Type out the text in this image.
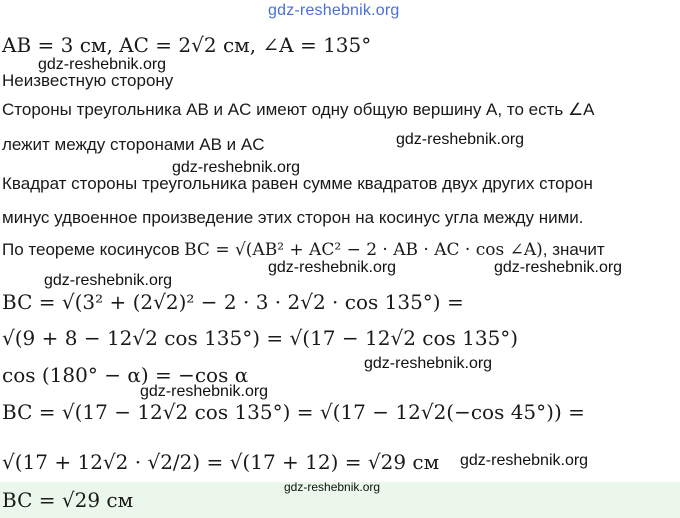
gdz-reshebnik.org
gdz-reshebnik.org
gdz-reshebnik.org
gdz-reshebnik.org
gdz-reshebnik.org
gdz-reshebnik.org	gdz-reshebnik.org
gdz-reshebnik.org
gdz-reshebnik.org
gdz-reshebnik.org
gdz-reshebnik.org
AB = 3 см, AC = 2√2 см, ∠A = 135°
Неизвестную сторону
Стороны треугольника AB и AC имеют одну общую вершину A, то есть ∠A
лежит между сторонами AB и AC
Квадрат стороны треугольника равен сумме квадратов двух других сторон
минус удвоенное произведение этих сторон на косинус угла между ними.
По теореме косинусов BC = √(AB² + AC² − 2 · AB · AC · cos ∠A), значит
BC = √(3² + (2√2)² − 2 · 3 · 2√2 · cos 135°) =
√(9 + 8 − 12√2 cos 135°) = √(17 − 12√2 cos 135°)
cos (180° − α) = −cos α
BC = √(17 − 12√2 cos 135°) = √(17 − 12√2(−cos 45°)) =
√(17 + 12√2 · √2/2) = √(17 + 12) = √29 см
BC = √29 см
